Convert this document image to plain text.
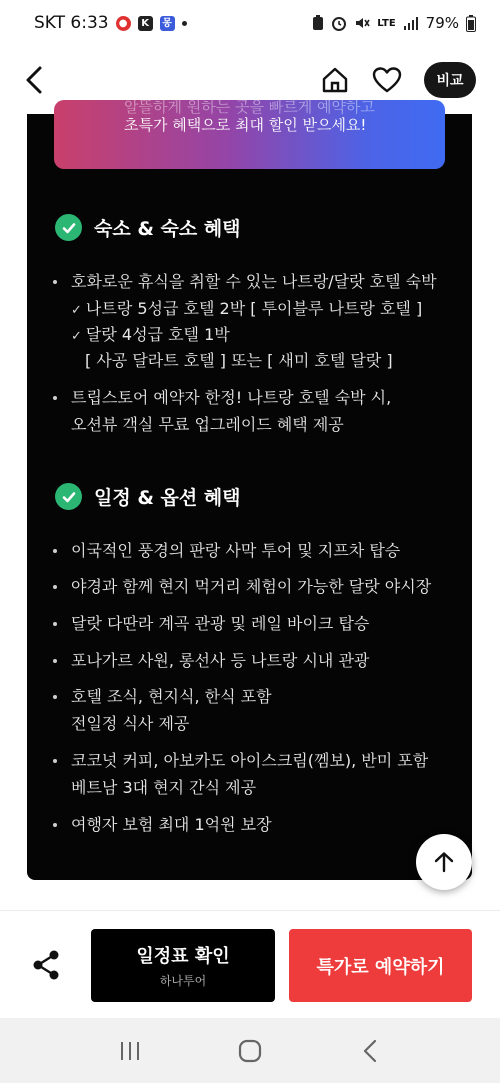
SKT 6:33	●	K	몽	LTE 79%
비교
알뜰하게 원하는 곳을 빠르게 예약하고
초특가 혜택으로 최대 할인 받으세요!
숙소 & 숙소 혜택
호화로운 휴식을 취할 수 있는 나트랑/달랏 호텔 숙박
✓ 나트랑 5성급 호텔 2박 [ 투이블루 나트랑 호텔 ]
✓ 달랏 4성급 호텔 1박
[ 사공 달라트 호텔 ] 또는 [ 새미 호텔 달랏 ]
트립스토어 예약자 한정! 나트랑 호텔 숙박 시,
오션뷰 객실 무료 업그레이드 혜택 제공
일정 & 옵션 혜택
이국적인 풍경의 판랑 사막 투어 및 지프차 탑승
야경과 함께 현지 먹거리 체험이 가능한 달랏 야시장
달랏 다딴라 계곡 관광 및 레일 바이크 탑승
포나가르 사원, 롱선사 등 나트랑 시내 관광
호텔 조식, 현지식, 한식 포함
전일정 식사 제공
코코넛 커피, 아보카도 아이스크림(껨보), 반미 포함
베트남 3대 현지 간식 제공
여행자 보험 최대 1억원 보장
일정표 확인
하나투어
특가로 예약하기
